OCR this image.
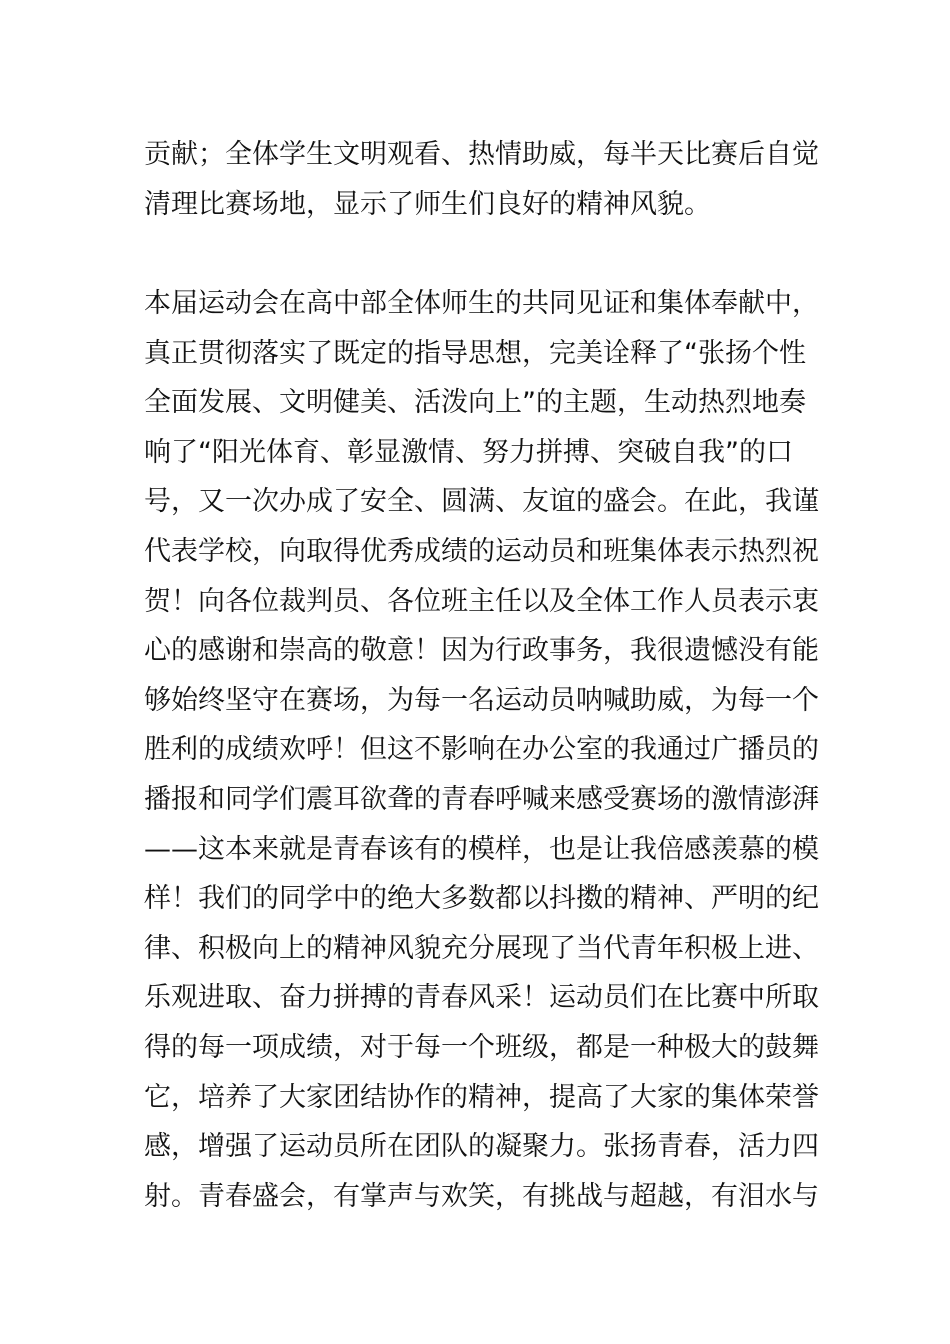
贡献；全体学生文明观看、热情助威，每半天比赛后自觉
清理比赛场地，显示了师生们良好的精神风貌。
本届运动会在高中部全体师生的共同见证和集体奉献中，
真正贯彻落实了既定的指导思想，完美诠释了“张扬个性
全面发展、文明健美、活泼向上”的主题，生动热烈地奏
响了“阳光体育、彰显激情、努力拼搏、突破自我”的口
号，又一次办成了安全、圆满、友谊的盛会。在此，我谨
代表学校，向取得优秀成绩的运动员和班集体表示热烈祝
贺！向各位裁判员、各位班主任以及全体工作人员表示衷
心的感谢和崇高的敬意！因为行政事务，我很遗憾没有能
够始终坚守在赛场，为每一名运动员呐喊助威，为每一个
胜利的成绩欢呼！但这不影响在办公室的我通过广播员的
播报和同学们震耳欲聋的青春呼喊来感受赛场的激情澎湃
——这本来就是青春该有的模样，也是让我倍感羡慕的模
样！我们的同学中的绝大多数都以抖擞的精神、严明的纪
律、积极向上的精神风貌充分展现了当代青年积极上进、
乐观进取、奋力拼搏的青春风采！运动员们在比赛中所取
得的每一项成绩，对于每一个班级，都是一种极大的鼓舞
它，培养了大家团结协作的精神，提高了大家的集体荣誉
感，增强了运动员所在团队的凝聚力。张扬青春，活力四
射。青春盛会，有掌声与欢笑，有挑战与超越，有泪水与
